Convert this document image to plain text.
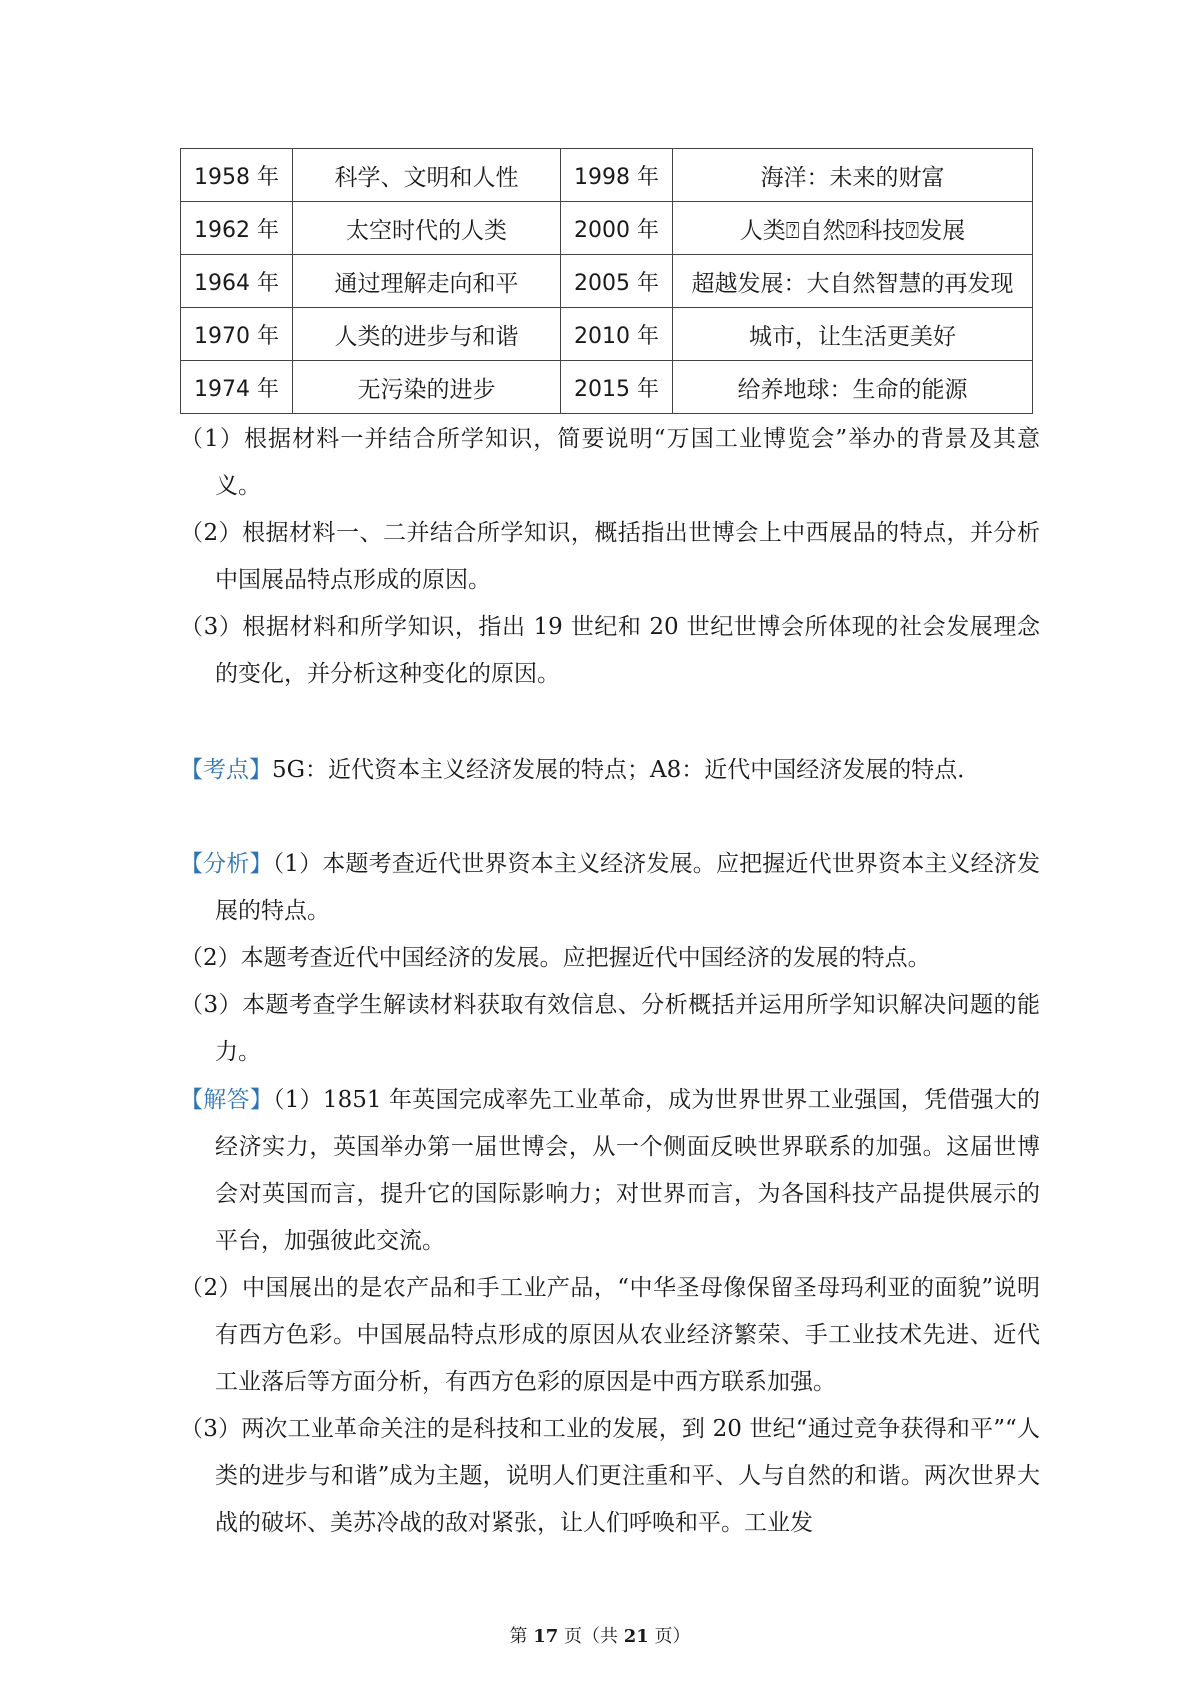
1958 年	科学、文明和人性	1998 年	海洋：未来的财富
1962 年	太空时代的人类	2000 年	人类⍰自然⍰科技⍰发展
1964 年	通过理解走向和平	2005 年	超越发展：大自然智慧的再发现
1970 年	人类的进步与和谐	2010 年	城市，让生活更美好
1974 年	无污染的进步	2015 年	给养地球：生命的能源

（1）根据材料一并结合所学知识，简要说明“万国工业博览会”举办的背景及其意义。

（2）根据材料一、二并结合所学知识，概括指出世博会上中西展品的特点，并分析中国展品特点形成的原因。

（3）根据材料和所学知识，指出 19 世纪和 20 世纪世博会所体现的社会发展理念的变化，并分析这种变化的原因。

【考点】5G：近代资本主义经济发展的特点；A8：近代中国经济发展的特点．

【分析】（1）本题考查近代世界资本主义经济发展。应把握近代世界资本主义经济发展的特点。

（2）本题考查近代中国经济的发展。应把握近代中国经济的发展的特点。

（3）本题考查学生解读材料获取有效信息、分析概括并运用所学知识解决问题的能力。

【解答】（1）1851 年英国完成率先工业革命，成为世界世界工业强国，凭借强大的经济实力，英国举办第一届世博会，从一个侧面反映世界联系的加强。这届世博会对英国而言，提升它的国际影响力；对世界而言，为各国科技产品提供展示的平台，加强彼此交流。

（2）中国展出的是农产品和手工业产品，“中华圣母像保留圣母玛利亚的面貌”说明有西方色彩。中国展品特点形成的原因从农业经济繁荣、手工业技术先进、近代工业落后等方面分析，有西方色彩的原因是中西方联系加强。

（3）两次工业革命关注的是科技和工业的发展，到 20 世纪“通过竞争获得和平”“人类的进步与和谐”成为主题，说明人们更注重和平、人与自然的和谐。两次世界大战的破坏、美苏冷战的敌对紧张，让人们呼唤和平。工业发

第 17 页（共 21 页）
